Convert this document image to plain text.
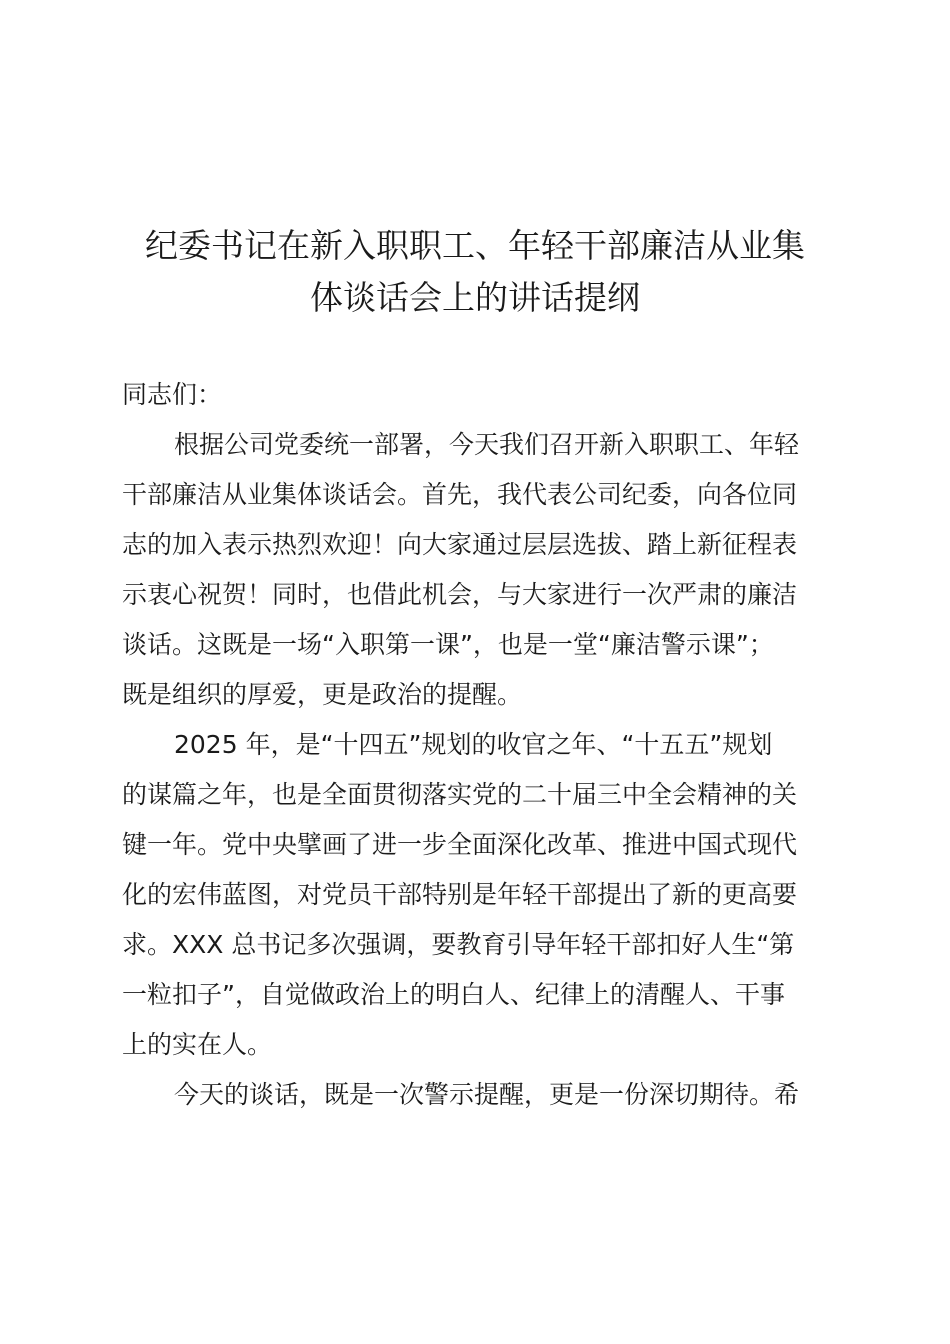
纪委书记在新入职职工、年轻干部廉洁从业集
体谈话会上的讲话提纲
同志们：
根据公司党委统一部署，今天我们召开新入职职工、年轻
干部廉洁从业集体谈话会。首先，我代表公司纪委，向各位同
志的加入表示热烈欢迎！向大家通过层层选拔、踏上新征程表
示衷心祝贺！同时，也借此机会，与大家进行一次严肃的廉洁
谈话。这既是一场“入职第一课”，也是一堂“廉洁警示课”；
既是组织的厚爱，更是政治的提醒。
2025 年，是“十四五”规划的收官之年、“十五五”规划
的谋篇之年，也是全面贯彻落实党的二十届三中全会精神的关
键一年。党中央擘画了进一步全面深化改革、推进中国式现代
化的宏伟蓝图，对党员干部特别是年轻干部提出了新的更高要
求。XXX 总书记多次强调，要教育引导年轻干部扣好人生“第
一粒扣子”，自觉做政治上的明白人、纪律上的清醒人、干事
上的实在人。
今天的谈话，既是一次警示提醒，更是一份深切期待。希
